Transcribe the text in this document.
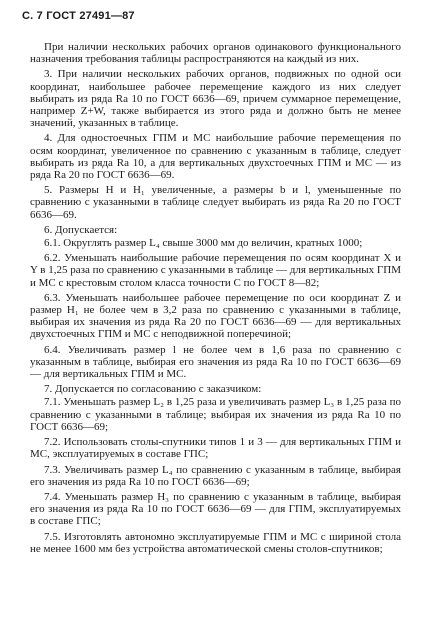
С. 7 ГОСТ 27491—87

При наличии нескольких рабочих органов одинакового функционального назначения требования таблицы распространяются на каждый из них.

3. При наличии нескольких рабочих органов, подвижных по одной оси координат, наибольшее рабочее перемещение каждого из них следует выбирать из ряда Ra 10 по ГОСТ 6636—69, причем суммарное перемещение, например Z+W, также выбирается из этого ряда и должно быть не менее значений, указанных в таблице.

4. Для одностоечных ГПМ и МС наибольшие рабочие перемещения по осям координат, увеличенное по сравнению с указанным в таблице, следует выбирать из ряда Ra 10, а для вертикальных двухстоечных ГПМ и МС — из ряда Ra 20 по ГОСТ 6636—69.

5. Размеры H и H₁ увеличенные, а размеры b и l, уменьшенные по сравнению с указанными в таблице следует выбирать из ряда Ra 20 по ГОСТ 6636—69.

6. Допускается:

6.1. Округлять размер L₄ свыше 3000 мм до величин, кратных 1000;

6.2. Уменьшать наибольшие рабочие перемещения по осям координат X и Y в 1,25 раза по сравнению с указанными в таблице — для вертикальных ГПМ и МС с крестовым столом класса точности С по ГОСТ 8—82;

6.3. Уменьшать наибольшее рабочее перемещение по оси координат Z и размер H₁ не более чем в 3,2 раза по сравнению с указанными в таблице, выбирая их значения из ряда Ra 20 по ГОСТ 6636—69 — для вертикальных двухстоечных ГПМ и МС с неподвижной поперечиной;

6.4. Увеличивать размер l не более чем в 1,6 раза по сравнению с указанным в таблице, выбирая его значения из ряда Ra 10 по ГОСТ 6636—69 — для вертикальных ГПМ и МС.

7. Допускается по согласованию с заказчиком:

7.1. Уменьшать размер L₂ в 1,25 раза и увеличивать размер L₃ в 1,25 раза по сравнению с указанными в таблице; выбирая их значения из ряда Ra 10 по ГОСТ 6636—69;

7.2. Использовать столы-спутники типов 1 и 3 — для вертикальных ГПМ и МС, эксплуатируемых в составе ГПС;

7.3. Увеличивать размер L₄ по сравнению с указанным в таблице, выбирая его значения из ряда Ra 10 по ГОСТ 6636—69;

7.4. Уменьшать размер H₃ по сравнению с указанным в таблице, выбирая его значения из ряда Ra 10 по ГОСТ 6636—69 — для ГПМ, эксплуатируемых в составе ГПС;

7.5. Изготовлять автономно эксплуатируемые ГПМ и МС с шириной стола не менее 1600 мм без устройства автоматической смены столов-спутников;
